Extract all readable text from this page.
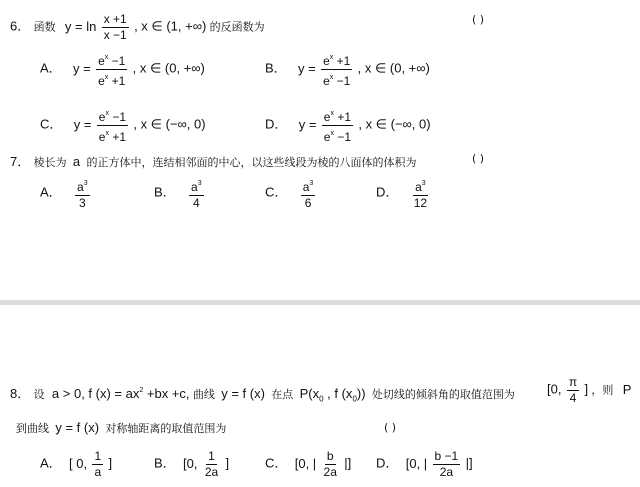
6． 函数 $y = \ln \frac{x +1}{x -1}$ , x ∈ (1, +∞) 的反函数为
( )
A． $y = \frac{e^x -1}{e^x +1}$ , x ∈ (0, +∞)	B． $y = \frac{e^x +1}{e^x -1}$ , x ∈ (0, +∞)
C． $y = \frac{e^x -1}{e^x +1}$ , x ∈ (−∞, 0)	D． $y = \frac{e^x +1}{e^x -1}$ , x ∈ (−∞, 0)
7． 棱长为 a 的正方体中，连结相邻面的中心，以这些线段为棱的八面体的体积为	( )
A． $\frac{a^3}{3}$	B． $\frac{a^3}{4}$	C． $\frac{a^3}{6}$	D． $\frac{a^3}{12}$
8． 设 a > 0, f $(x) = ax^2 +bx +c$, 曲线 y = f (x) 在点 $P(x_0$ , f $(x_0)$) 处切线的倾斜角的取值范围为 [0, $\frac{\pi}{4}$ ] ，则 P
到曲线 y = f (x) 对称轴距离的取值范围为	( )
A． [ 0, $\frac{1}{a}$ ]	B． [0, $\frac{1}{2a}$ ]	C． [0, | $\frac{b}{2a}$ |] D． [0, | $\frac{b -1}{2a}$ |]
